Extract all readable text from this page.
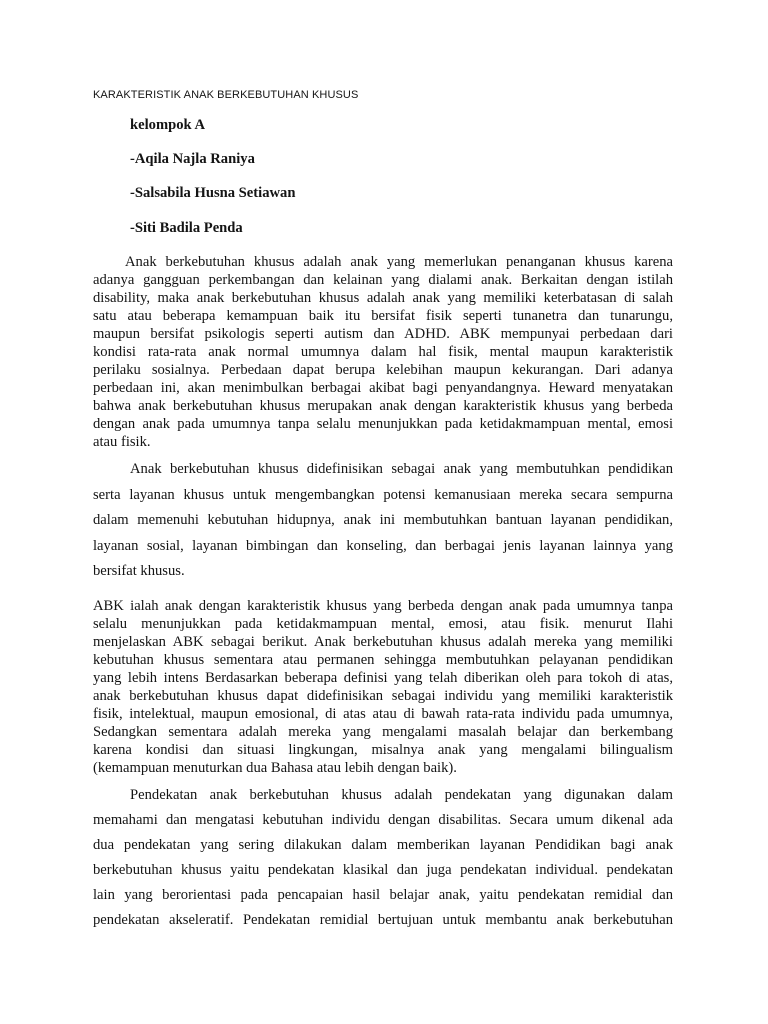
KARAKTERISTIK ANAK BERKEBUTUHAN KHUSUS
kelompok A
-Aqila Najla Raniya
-Salsabila Husna Setiawan
-Siti Badila Penda
Anak berkebutuhan khusus adalah anak yang memerlukan penanganan khusus karena
adanya gangguan perkembangan dan kelainan yang dialami anak. Berkaitan dengan istilah
disability, maka anak berkebutuhan khusus adalah anak yang memiliki keterbatasan di salah
satu atau beberapa kemampuan baik itu bersifat fisik seperti tunanetra dan tunarungu,
maupun bersifat psikologis seperti autism dan ADHD. ABK mempunyai perbedaan dari
kondisi rata-rata anak normal umumnya dalam hal fisik, mental maupun karakteristik
perilaku sosialnya. Perbedaan dapat berupa kelebihan maupun kekurangan. Dari adanya
perbedaan ini, akan menimbulkan berbagai akibat bagi penyandangnya. Heward menyatakan
bahwa anak berkebutuhan khusus merupakan anak dengan karakteristik khusus yang berbeda
dengan anak pada umumnya tanpa selalu menunjukkan pada ketidakmampuan mental, emosi
atau fisik.
Anak berkebutuhan khusus didefinisikan sebagai anak yang membutuhkan pendidikan
serta layanan khusus untuk mengembangkan potensi kemanusiaan mereka secara sempurna
dalam memenuhi kebutuhan hidupnya, anak ini membutuhkan bantuan layanan pendidikan,
layanan sosial, layanan bimbingan dan konseling, dan berbagai jenis layanan lainnya yang
bersifat khusus.
ABK ialah anak dengan karakteristik khusus yang berbeda dengan anak pada umumnya tanpa
selalu menunjukkan pada ketidakmampuan mental, emosi, atau fisik. menurut Ilahi
menjelaskan ABK sebagai berikut. Anak berkebutuhan khusus adalah mereka yang memiliki
kebutuhan khusus sementara atau permanen sehingga membutuhkan pelayanan pendidikan
yang lebih intens Berdasarkan beberapa definisi yang telah diberikan oleh para tokoh di atas,
anak berkebutuhan khusus dapat didefinisikan sebagai individu yang memiliki karakteristik
fisik, intelektual, maupun emosional, di atas atau di bawah rata-rata individu pada umumnya,
Sedangkan sementara adalah mereka yang mengalami masalah belajar dan berkembang
karena kondisi dan situasi lingkungan, misalnya anak yang mengalami bilingualism
(kemampuan menuturkan dua Bahasa atau lebih dengan baik).
Pendekatan anak berkebutuhan khusus adalah pendekatan yang digunakan dalam
memahami dan mengatasi kebutuhan individu dengan disabilitas. Secara umum dikenal ada
dua pendekatan yang sering dilakukan dalam memberikan layanan Pendidikan bagi anak
berkebutuhan khusus yaitu pendekatan klasikal dan juga pendekatan individual. pendekatan
lain yang berorientasi pada pencapaian hasil belajar anak, yaitu pendekatan remidial dan
pendekatan akseleratif. Pendekatan remidial bertujuan untuk membantu anak berkebutuhan
